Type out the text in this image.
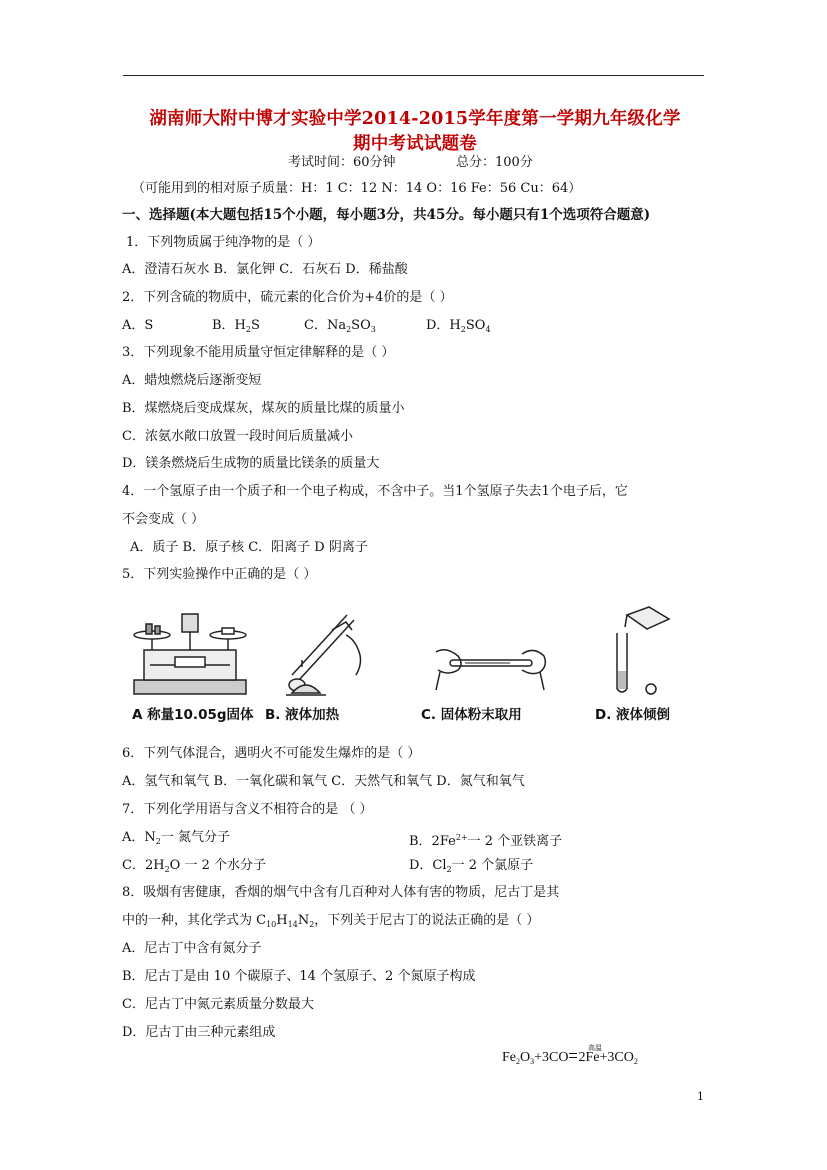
湖南师大附中博才实验中学2014-2015学年度第一学期九年级化学
期中考试试题卷
考试时间：60分钟	总分：100分
（可能用到的相对原子质量：H：1 C：12 N：14 O：16 Fe：56 Cu：64）
一、选择题(本大题包括15个小题，每小题3分，共45分。每小题只有1个选项符合题意)
1．下列物质属于纯净物的是（ ）
A．澄清石灰水 B．氯化钾 C．石灰石 D．稀盐酸
2．下列含硫的物质中，硫元素的化合价为+4价的是（ ）
A．S	B．$H_2S$	C．$Na_2SO_3$	D．$H_2SO_4$
3．下列现象不能用质量守恒定律解释的是（ ）
A．蜡烛燃烧后逐渐变短
B．煤燃烧后变成煤灰，煤灰的质量比煤的质量小
C．浓氨水敞口放置一段时间后质量减小
D．镁条燃烧后生成物的质量比镁条的质量大
4．一个氢原子由一个质子和一个电子构成，不含中子。当1个氢原子失去1个电子后，它
不会变成（ ）
A．质子 B．原子核 C．阳离子 D 阴离子
5．下列实验操作中正确的是（ ）
A 称量10.05g固体 B. 液体加热	C. 固体粉末取用	D. 液体倾倒
6．下列气体混合，遇明火不可能发生爆炸的是（ ）
A．氢气和氧气 B．一氧化碳和氧气 C．天然气和氧气 D．氮气和氧气
7．下列化学用语与含义不相符合的是 （ ）
A．$N_2$一 氮气分子	B．$2Fe^{2+}$一 2 个亚铁离子
C．$2H_2O$ 一 2 个水分子	D．$Cl_2$一 2 个氯原子
8．吸烟有害健康，香烟的烟气中含有几百种对人体有害的物质，尼古丁是其
中的一种，其化学式为 $C_{10}H_{14}N_2$，下列关于尼古丁的说法正确的是（ ）
A．尼古丁中含有氮分子
B．尼古丁是由 10 个碳原子、14 个氢原子、2 个氮原子构成
C．尼古丁中氮元素质量分数最大
D．尼古丁由三种元素组成
高温
$Fe_2O_3+3CO$ $2Fe+3CO_2$
1
